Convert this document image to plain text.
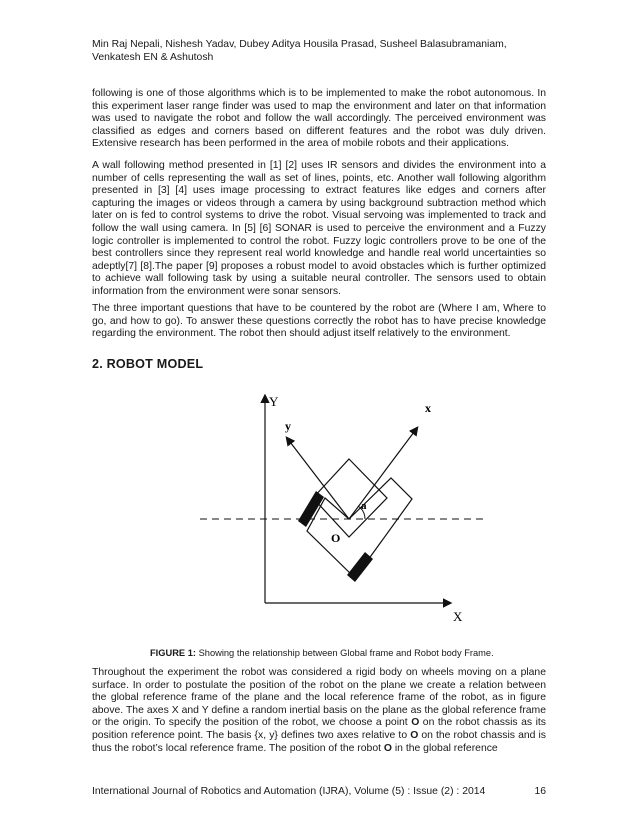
Min Raj Nepali, Nishesh Yadav, Dubey Aditya Housila Prasad, Susheel Balasubramaniam, Venkatesh EN & Ashutosh
following is one of those algorithms which is to be implemented to make the robot autonomous. In this experiment laser range finder was used to map the environment and later on that information was used to navigate the robot and follow the wall accordingly. The perceived environment was classified as edges and corners based on different features and the robot was duly driven. Extensive research has been performed in the area of mobile robots and their applications.
A wall following method presented in [1] [2] uses IR sensors and divides the environment into a number of cells representing the wall as set of lines, points, etc. Another wall following algorithm presented in [3] [4] uses image processing to extract features like edges and corners after capturing the images or videos through a camera by using background subtraction method which later on is fed to control systems to drive the robot. Visual servoing was implemented to track and follow the wall using camera. In [5] [6] SONAR is used to perceive the environment and a Fuzzy logic controller is implemented to control the robot. Fuzzy logic controllers prove to be one of the best controllers since they represent real world knowledge and handle real world uncertainties so adeptly[7] [8].The paper [9] proposes a robust model to avoid obstacles which is further optimized to achieve wall following task by using a suitable neural controller. The sensors used to obtain information from the environment were sonar sensors.
The three important questions that have to be countered by the robot are (Where I am, Where to go, and how to go). To answer these questions correctly the robot has to have precise knowledge regarding the environment. The robot then should adjust itself relatively to the environment.
2. ROBOT MODEL
Y
X
x
y
a
O
FIGURE 1: Showing the relationship between Global frame and Robot body Frame.
Throughout the experiment the robot was considered a rigid body on wheels moving on a plane surface. In order to postulate the position of the robot on the plane we create a relation between the global reference frame of the plane and the local reference frame of the robot, as in figure above. The axes X and Y define a random inertial basis on the plane as the global reference frame or the origin. To specify the position of the robot, we choose a point O on the robot chassis as its position reference point. The basis {x, y} defines two axes relative to O on the robot chassis and is thus the robot’s local reference frame. The position of the robot O in the global reference
International Journal of Robotics and Automation (IJRA), Volume (5) : Issue (2) : 2014	16
